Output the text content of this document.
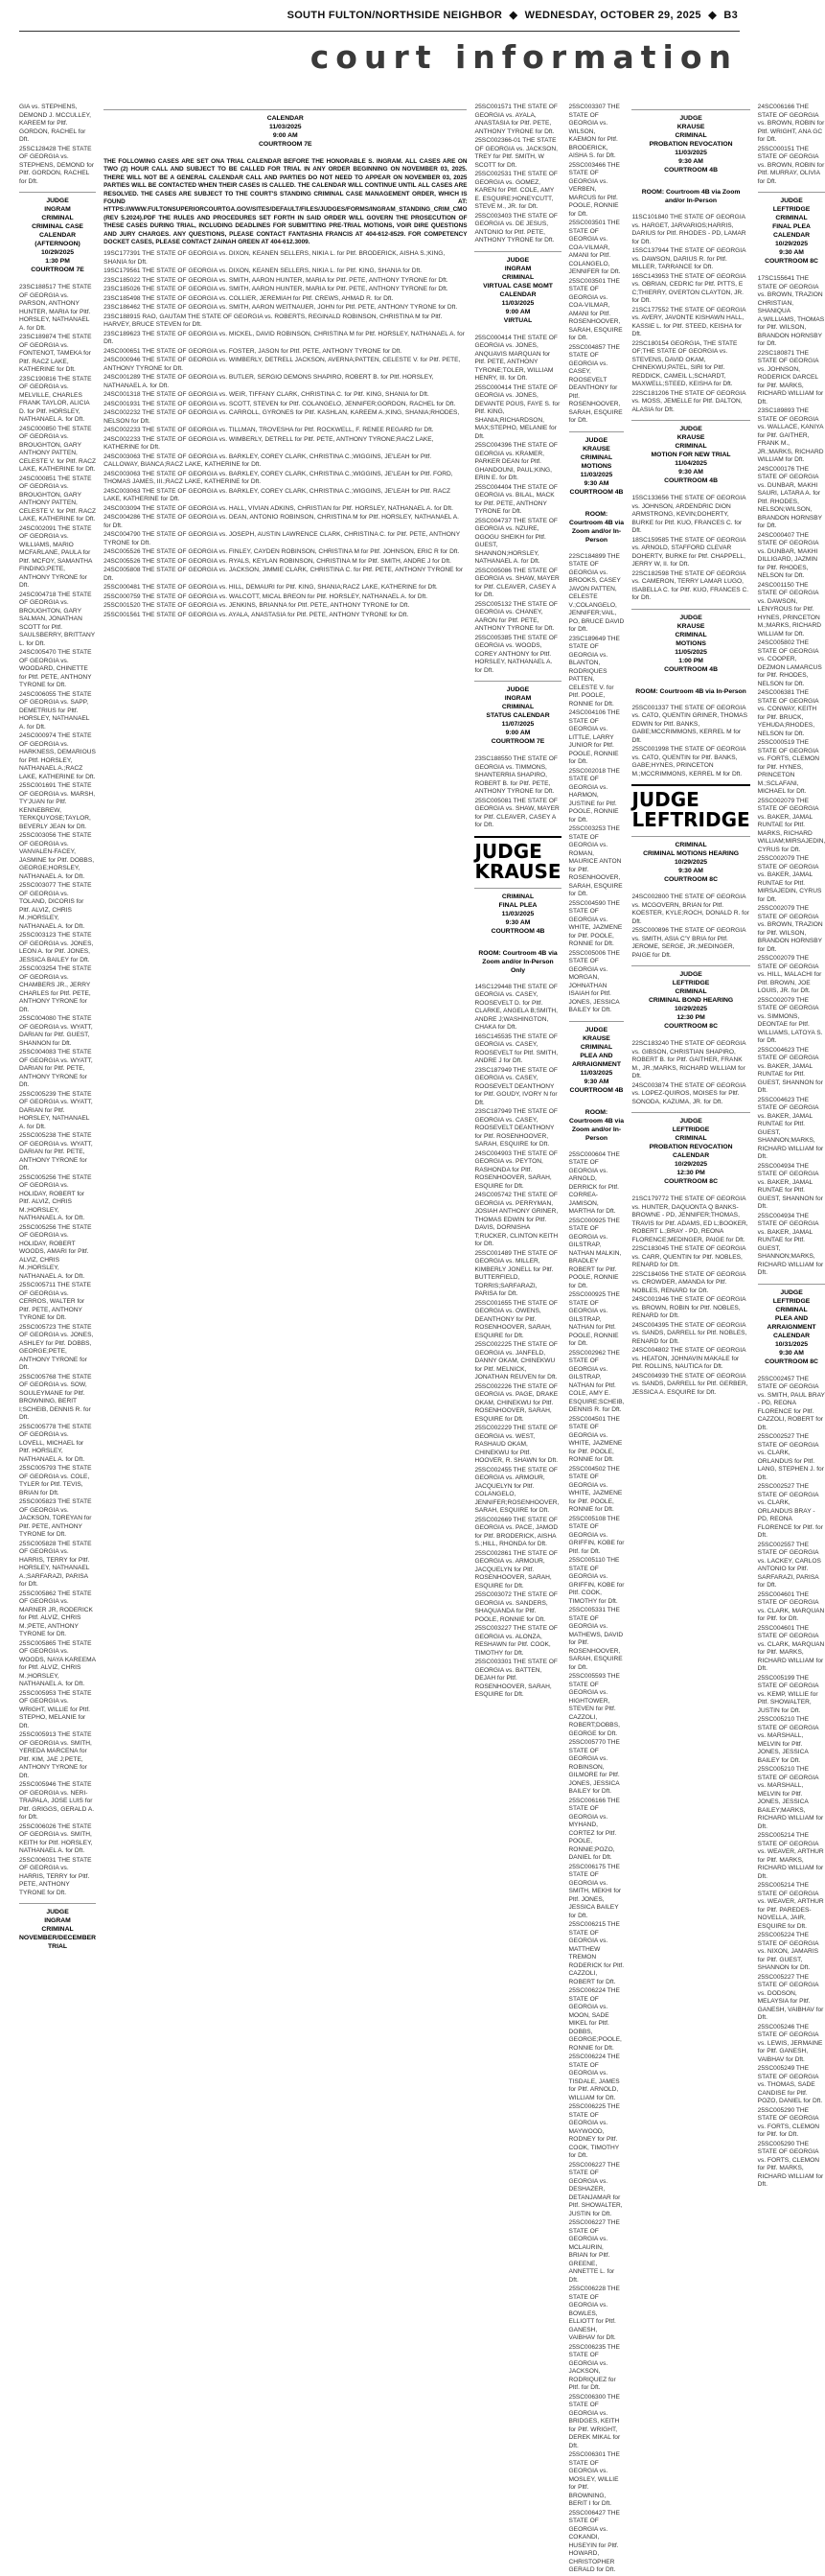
SOUTH FULTON/NORTHSIDE NEIGHBOR ◆ WEDNESDAY, OCTOBER 29, 2025 ◆ B3
court information

GIA vs. STEPHENS, DEMOND J. MCCULLEY, KAREEM for Pltf. GORDON, RACHEL for Dft.

25SC128428 THE STATE OF GEORGIA vs. STEPHENS, DEMOND for Pltf. GORDON, RACHEL for Dft.

JUDGE
INGRAM
CRIMINAL
CRIMINAL CASE CALENDAR (AFTERNOON)
10/29/2025
1:30 PM
COURTROOM 7E

23SC188517 THE STATE OF GEORGIA vs. PARSON, ANTHONY HUNTER, MARIA for Pltf. HORSLEY, NATHANAEL A. for Dft.

23SC189874 THE STATE OF GEORGIA vs. FONTENOT, TAMEKA for Pltf. RACZ LAKE, KATHERINE for Dft.

23SC190816 THE STATE OF GEORGIA vs. MELVILLE, CHARLES FRANK TAYLOR, ALICIA D. for Pltf. HORSLEY, NATHANAEL A. for Dft.

24SC000850 THE STATE OF GEORGIA vs. BROUGHTON, GARY ANTHONY PATTEN, CELESTE V. for Pltf. RACZ LAKE, KATHERINE for Dft.

24SC000851 THE STATE OF GEORGIA vs. BROUGHTON, GARY ANTHONY PATTEN, CELESTE V. for Pltf. RACZ LAKE, KATHERINE for Dft.

24SC002091 THE STATE OF GEORGIA vs. WILLIAMS, MARIO MCFARLANE, PAULA for Pltf. MCFOY, SAMANTHA FINDING;PETE, ANTHONY TYRONE for Dft.

24SC004718 THE STATE OF GEORGIA vs. BROUGHTON, GARY SALMAN, JONATHAN SCOTT for Pltf. SAULSBERRY, BRITTANY L. for Dft.

24SC005470 THE STATE OF GEORGIA vs. WOODARD, CHINETTE for Pltf. PETE, ANTHONY TYRONE for Dft.

24SC006055 THE STATE OF GEORGIA vs. SAPP, DEMETRIUS for Pltf. HORSLEY, NATHANAEL A. for Dft.

24SC000974 THE STATE OF GEORGIA vs. HARKNESS, DEMARIOUS for Pltf. HORSLEY, NATHANAEL A.;RACZ LAKE, KATHERINE for Dft.

25SC001691 THE STATE OF GEORGIA vs. MARSH, TY'JUAN for Pltf. KENNEBREW, TERKQUYOSE;TAYLOR, BEVERLY JEAN for Dft.

25SC003056 THE STATE OF GEORGIA vs. VANVALEN-FACEY, JASMINE for Pltf. DOBBS, GEORGE;HORSLEY, NATHANAEL A. for Dft.

25SC003077 THE STATE OF GEORGIA vs. TOLAND, DICORIS for Pltf. ALVIZ, CHRIS M.;HORSLEY, NATHANAEL A. for Dft.

25SC003123 THE STATE OF GEORGIA vs. JONES, LEON A. for Pltf. JONES, JESSICA BAILEY for Dft.

25SC003254 THE STATE OF GEORGIA vs. CHAMBERS JR., JERRY CHARLES for Pltf. PETE, ANTHONY TYRONE for Dft.

25SC004080 THE STATE OF GEORGIA vs. WYATT, DARIAN for Pltf. GUEST, SHANNON for Dft.

25SC004083 THE STATE OF GEORGIA vs. WYATT, DARIAN for Pltf. PETE, ANTHONY TYRONE for Dft.

25SC005239 THE STATE OF GEORGIA vs. WYATT, DARIAN for Pltf. HORSLEY, NATHANAEL A. for Dft.

25SC005238 THE STATE OF GEORGIA vs. WYATT, DARIAN for Pltf. PETE, ANTHONY TYRONE for Dft.

25SC005256 THE STATE OF GEORGIA vs. HOLIDAY, ROBERT for Pltf. ALVIZ, CHRIS M.;HORSLEY, NATHANAEL A. for Dft.

25SC005256 THE STATE OF GEORGIA vs. HOLIDAY, ROBERT WOODS, AMARI for Pltf. ALVIZ, CHRIS M.;HORSLEY, NATHANAEL A. for Dft.

25SC005711 THE STATE OF GEORGIA vs. CERROS, WALTER for Pltf. PETE, ANTHONY TYRONE for Dft.

25SC005723 THE STATE OF GEORGIA vs. JONES, ASHLEY for Pltf. DOBBS, GEORGE;PETE, ANTHONY TYRONE for Dft.

25SC005768 THE STATE OF GEORGIA vs. SOW, SOULEYMANE for Pltf. BROWNING, BERIT I;SCHEIB, DENNIS R. for Dft.

25SC005778 THE STATE OF GEORGIA vs. LOVELL, MICHAEL for Pltf. HORSLEY, NATHANAEL A. for Dft.

25SC005793 THE STATE OF GEORGIA vs. COLE, TYLER for Pltf. TEVIS, BRIAN for Dft.

25SC005823 THE STATE OF GEORGIA vs. JACKSON, TOREYAN for Pltf. PETE, ANTHONY TYRONE for Dft.

25SC005828 THE STATE OF GEORGIA vs. HARRIS, TERRY for Pltf. HORSLEY, NATHANAEL A.;SARFARAZI, PARISA for Dft.

25SC005862 THE STATE OF GEORGIA vs. MARNER JR, RODERICK for Pltf. ALVIZ, CHRIS M.;PETE, ANTHONY TYRONE for Dft.

25SC005865 THE STATE OF GEORGIA vs. WOODS, NAYA KAREEMA for Pltf. ALVIZ, CHRIS M.;HORSLEY, NATHANAEL A. for Dft.

25SC005953 THE STATE OF GEORGIA vs. WRIGHT, WILLIE for Pltf. STEPHO, MELANIE for Dft.

25SC005913 THE STATE OF GEORGIA vs. SMITH, YEREDA MARCENA for Pltf. KIM, JAE J;PETE, ANTHONY TYRONE for Dft.

25SC005946 THE STATE OF GEORGIA vs. NERI-TRAPALA, JOSE LUIS for Pltf. GRIGGS, GERALD A. for Dft.

25SC006026 THE STATE OF GEORGIA vs. SMITH, KEITH for Pltf. HORSLEY, NATHANAEL A. for Dft.

25SC006031 THE STATE OF GEORGIA vs. HARRIS, TERRY for Pltf. PETE, ANTHONY TYRONE for Dft.

JUDGE
INGRAM
CRIMINAL
NOVEMBER/DECEMBER TRIAL
CALENDAR
11/03/2025
9:00 AM
COURTROOM 7E
THE FOLLOWING CASES ARE SET ONA TRIAL CALENDAR BEFORE THE HONORABLE S. INGRAM. ALL CASES ARE ON TWO (2) HOUR CALL AND SUBJECT TO BE CALLED FOR TRIAL IN ANY ORDER BEGINNING ON NOVEMBER 03, 2025. THERE WILL NOT BE A GENERAL CALENDAR CALL AND PARTIES DO NOT NEED TO APPEAR ON NOVEMBER 03, 2025 PARTIES WILL BE CONTACTED WHEN THEIR CASES IS CALLED. THE CALENDAR WILL CONTINUE UNTIL ALL CASES ARE RESOLVED. THE CASES ARE SUBJECT TO THE COURT'S STANDING CRIMINAL CASE MANAGEMENT ORDER, WHICH IS FOUND AT: HTTPS://WWW.FULTONSUPERIORCOURTGA.GOV/SITES/DEFAULT/FILES/JUDGES/FORMS/INGRAM_STANDING_CRIM_CMO (REV 5.2024).PDF THE RULES AND PROCEDURES SET FORTH IN SAID ORDER WILL GOVERN THE PROSECUTION OF THESE CASES DURING TRIAL, INCLUDING DEADLINES FOR SUBMITTING PRE-TRIAL MOTIONS, VOIR DIRE QUESTIONS AND JURY CHARGES. ANY QUESTIONS, PLEASE CONTACT FANTASHIA FRANCIS AT 404-612-8529. FOR COMPETENCY DOCKET CASES, PLEASE CONTACT ZAINAH GREEN AT 404-612.3009.

19SC177391 THE STATE OF GEORGIA vs. DIXON, KEANEN SELLERS, NIKIA L. for Pltf. BRODERICK, AISHA S.;KING, SHANIA for Dft.

19SC179561 THE STATE OF GEORGIA vs. DIXON, KEANEN SELLERS, NIKIA L. for Pltf. KING, SHANIA for Dft.

23SC185022 THE STATE OF GEORGIA vs. SMITH, AARON HUNTER, MARIA for Pltf. PETE, ANTHONY TYRONE for Dft.

23SC185026 THE STATE OF GEORGIA vs. SMITH, AARON HUNTER, MARIA for Pltf. PETE, ANTHONY TYRONE for Dft.

23SC185498 THE STATE OF GEORGIA vs. COLLIER, JEREMIAH for Pltf. CREWS, AHMAD R. for Dft.

23SC186462 THE STATE OF GEORGIA vs. SMITH, AARON WEITNAUER, JOHN for Pltf. PETE, ANTHONY TYRONE for Dft.

23SC188915 RAO, GAUTAM THE STATE OF GEORGIA vs. ROBERTS, REGINALD ROBINSON, CHRISTINA M for Pltf. HARVEY, BRUCE STEVEN for Dft.

23SC189623 THE STATE OF GEORGIA vs. MICKEL, DAVID ROBINSON, CHRISTINA M for Pltf. HORSLEY, NATHANAEL A. for Dft.

24SC000651 THE STATE OF GEORGIA vs. FOSTER, JASON for Pltf. PETE, ANTHONY TYRONE for Dft.

24SC000946 THE STATE OF GEORGIA vs. WIMBERLY, DETRELL JACKSON, AVERNA;PATTEN, CELESTE V. for Pltf. PETE, ANTHONY TYRONE for Dft.

24SC001289 THE STATE OF GEORGIA vs. BUTLER, SERGIO DEMONS SHAPIRO, ROBERT B. for Pltf. HORSLEY, NATHANAEL A. for Dft.

24SC001318 THE STATE OF GEORGIA vs. WEIR, TIFFANY CLARK, CHRISTINA C. for Pltf. KING, SHANIA for Dft.

24SC001931 THE STATE OF GEORGIA vs. SCOTT, STEVEN for Pltf. COLANGELO, JENNIFER;GORDON, RACHEL for Dft.

24SC002232 THE STATE OF GEORGIA vs. CARROLL, GYRONES for Pltf. KASHLAN, KAREEM A.;KING, SHANIA;RHODES, NELSON for Dft.

24SC002233 THE STATE OF GEORGIA vs. TILLMAN, TROVESHA for Pltf. ROCKWELL, F. RENEE REGARD for Dft.

24SC002233 THE STATE OF GEORGIA vs. WIMBERLY, DETRELL for Pltf. PETE, ANTHONY TYRONE;RACZ LAKE, KATHERINE for Dft.

24SC003063 THE STATE OF GEORGIA vs. BARKLEY, COREY CLARK, CHRISTINA C.;WIGGINS, JE'LEAH for Pltf. CALLOWAY, BIANCA;RACZ LAKE, KATHERINE for Dft.

24SC003063 THE STATE OF GEORGIA vs. BARKLEY, COREY CLARK, CHRISTINA C.;WIGGINS, JE'LEAH for Pltf. FORD, THOMAS JAMES, III.;RACZ LAKE, KATHERINE for Dft.

24SC003063 THE STATE OF GEORGIA vs. BARKLEY, COREY CLARK, CHRISTINA C.;WIGGINS, JE'LEAH for Pltf. RACZ LAKE, KATHERINE for Dft.

24SC003094 THE STATE OF GEORGIA vs. HALL, VIVIAN ADKINS, CHRISTIAN for Pltf. HORSLEY, NATHANAEL A. for Dft.

24SC004286 THE STATE OF GEORGIA vs. DEAN, ANTONIO ROBINSON, CHRISTINA M for Pltf. HORSLEY, NATHANAEL A. for Dft.

24SC004790 THE STATE OF GEORGIA vs. JOSEPH, AUSTIN LAWRENCE CLARK, CHRISTINA C. for Pltf. PETE, ANTHONY TYRONE for Dft.

24SC005526 THE STATE OF GEORGIA vs. FINLEY, CAYDEN ROBINSON, CHRISTINA M for Pltf. JOHNSON, ERIC R for Dft.

24SC005526 THE STATE OF GEORGIA vs. RYALS, KEYLAN ROBINSON, CHRISTINA M for Pltf. SMITH, ANDRE J for Dft.

24SC005808 THE STATE OF GEORGIA vs. JACKSON, JIMMIE CLARK, CHRISTINA C. for Pltf. PETE, ANTHONY TYRONE for Dft.

25SC000481 THE STATE OF GEORGIA vs. HILL, DEMAURI for Pltf. KING, SHANIA;RACZ LAKE, KATHERINE for Dft.

25SC000759 THE STATE OF GEORGIA vs. WALCOTT, MICAL BREON for Pltf. HORSLEY, NATHANAEL A. for Dft.

25SC001520 THE STATE OF GEORGIA vs. JENKINS, BRIANNA for Pltf. PETE, ANTHONY TYRONE for Dft.

25SC001561 THE STATE OF GEORGIA vs. AYALA, ANASTASIA for Pltf. PETE, ANTHONY TYRONE for Dft.

25SC001571 THE STATE OF GEORGIA vs. AYALA, ANASTASIA for Pltf. PETE, ANTHONY TYRONE for Dft.

25SC002366-01 THE STATE OF GEORGIA vs. JACKSON, TREY for Pltf. SMITH, W SCOTT for Dft.

25SC002531 THE STATE OF GEORGIA vs. GOMEZ, KAREN for Pltf. COLE, AMY E. ESQUIRE;HONEYCUTT, STEVE M., JR. for Dft.

25SC003403 THE STATE OF GEORGIA vs. DE JESUS, ANTONIO for Pltf. PETE, ANTHONY TYRONE for Dft.

JUDGE
INGRAM
CRIMINAL
VIRTUAL CASE MGMT CALENDAR
11/03/2025
9:00 AM
VIRTUAL

25SC000414 THE STATE OF GEORGIA vs. JONES, ANQUAVIS MARQUAN for Pltf. PETE, ANTHONY TYRONE;TOLER, WILLIAM HENRY, III. for Dft.

25SC000414 THE STATE OF GEORGIA vs. JONES, DEVANTE POUS, FAYE S. for Pltf. KING, SHANIA;RICHARDSON, MAX;STEPHO, MELANIE for Dft.

25SC004396 THE STATE OF GEORGIA vs. KRAMER, PARKER DEAN for Pltf. GHANDOUNI, PAUL;KING, ERIN E. for Dft.

25SC004404 THE STATE OF GEORGIA vs. BILAL, MACK for Pltf. PETE, ANTHONY TYRONE for Dft.

25SC004737 THE STATE OF GEORGIA vs. NZURE, OGOGU SHEIKH for Pltf. GUEST, SHANNON;HORSLEY, NATHANAEL A. for Dft.

25SC005086 THE STATE OF GEORGIA vs. SHAW, MAYER for Pltf. CLEAVER, CASEY A for Dft.

25SC005132 THE STATE OF GEORGIA vs. CHANEY, AARON for Pltf. PETE, ANTHONY TYRONE for Dft.

25SC005385 THE STATE OF GEORGIA vs. WOODS, COREY ANTHONY for Pltf. HORSLEY, NATHANAEL A. for Dft.

JUDGE
INGRAM
CRIMINAL
STATUS CALENDAR
11/07/2025
9:00 AM
COURTROOM 7E

23SC188550 THE STATE OF GEORGIA vs. TIMMONS, SHANTERRIA SHAPIRO, ROBERT B. for Pltf. PETE, ANTHONY TYRONE for Dft.

25SC005081 THE STATE OF GEORGIA vs. SHAW, MAYER for Pltf. CLEAVER, CASEY A for Dft.

JUDGE KRAUSE
CRIMINAL
FINAL PLEA
11/03/2025
9:30 AM
COURTROOM 4B
ROOM: Courtroom 4B via Zoom and/or In-Person Only

14SC129448 THE STATE OF GEORGIA vs. CASEY, ROOSEVELT D. for Pltf. CLARKE, ANGELA B;SMITH, ANDRE J;WASHINGTON, CHAKA for Dft.

16SC145535 THE STATE OF GEORGIA vs. CASEY, ROOSEVELT for Pltf. SMITH, ANDRE J for Dft.

23SC187949 THE STATE OF GEORGIA vs. CASEY, ROOSEVELT DEANTHONY for Pltf. GOUDY, IVORY N for Dft.

23SC187949 THE STATE OF GEORGIA vs. CASEY, ROOSEVELT DEANTHONY for Pltf. ROSENHOOVER, SARAH, ESQUIRE for Dft.

24SC004903 THE STATE OF GEORGIA vs. PEYTON, RASHONDA for Pltf. ROSENHOOVER, SARAH, ESQUIRE for Dft.

24SC005742 THE STATE OF GEORGIA vs. PERRYMAN, JOSIAH ANTHONY GRINER, THOMAS EDWIN for Pltf. DAVIS, DORNISHA T;RUCKER, CLINTON KEITH for Dft.

25SC001489 THE STATE OF GEORGIA vs. MILLER, KIMBERLY JONELL for Pltf. BUTTERFIELD, TORRIS;SARFARAZI, PARISA for Dft.

25SC001655 THE STATE OF GEORGIA vs. OWENS, DEANTHONY for Pltf. ROSENHOOVER, SARAH, ESQUIRE for Dft.

25SC002225 THE STATE OF GEORGIA vs. JANFELD, DANNY OKAM, CHINEKWU for Pltf. MELNICK, JONATHAN REUVEN for Dft.

25SC002226 THE STATE OF GEORGIA vs. PAGE, DRAKE OKAM, CHINEKWU for Pltf. ROSENHOOVER, SARAH, ESQUIRE for Dft.

25SC002229 THE STATE OF GEORGIA vs. WEST, RASHAUD OKAM, CHINEKWU for Pltf. HOOVER, R. SHAWN for Dft.

25SC002455 THE STATE OF GEORGIA vs. ARMOUR, JACQUELYN for Pltf. COLANGELO, JENNIFER;ROSENHOOVER, SARAH, ESQUIRE for Dft.

25SC002669 THE STATE OF GEORGIA vs. PACE, JAMOD for Pltf. BRODERICK, AISHA S.;HILL, RHONDA for Dft.

25SC002861 THE STATE OF GEORGIA vs. ARMOUR, JACQUELYN for Pltf. ROSENHOOVER, SARAH, ESQUIRE for Dft.

25SC003072 THE STATE OF GEORGIA vs. SANDERS, SHAQUANDA for Pltf. POOLE, RONNIE for Dft.

25SC003227 THE STATE OF GEORGIA vs. ALONZA, RESHAWN for Pltf. COOK, TIMOTHY for Dft.

25SC003301 THE STATE OF GEORGIA vs. BATTEN, DEJAH for Pltf. ROSENHOOVER, SARAH, ESQUIRE for Dft.

25SC003307 THE STATE OF GEORGIA vs. WILSON, KAEMON for Pltf. BRODERICK, AISHA S. for Dft.

25SC003466 THE STATE OF GEORGIA vs. VERBEN, MARCUS for Pltf. POOLE, RONNIE for Dft.

25SC003501 THE STATE OF GEORGIA vs. COA-VILMAR, AMANI for Pltf. COLANGELO, JENNIFER for Dft.

25SC003501 THE STATE OF GEORGIA vs. COA-VILMAR, AMANI for Pltf. ROSENHOOVER, SARAH, ESQUIRE for Dft.

25SC004857 THE STATE OF GEORGIA vs. CASEY, ROOSEVELT DEANTHONY for Pltf. ROSENHOOVER, SARAH, ESQUIRE for Dft.

JUDGE
KRAUSE
CRIMINAL
MOTIONS
11/03/2025
9:30 AM
COURTROOM 4B
ROOM: Courtroom 4B via Zoom and/or In-Person

22SC184899 THE STATE OF GEORGIA vs. BROOKS, CASEY JAVON PATTEN, CELESTE V.;COLANGELO, JENNIFER;VAIL, PO, BRUCE DAVID for Dft.

23SC189649 THE STATE OF GEORGIA vs. BLANTON, RODRIQUES PATTEN, CELESTE V. for Pltf. POOLE, RONNIE for Dft.

24SC004106 THE STATE OF GEORGIA vs. LITTLE, LARRY JUNIOR for Pltf. POOLE, RONNIE for Dft.

25SC002018 THE STATE OF GEORGIA vs. HARMON, JUSTINE for Pltf. POOLE, RONNIE for Dft.

25SC003253 THE STATE OF GEORGIA vs. ROMAN, MAURICE ANTON for Pltf. ROSENHOOVER, SARAH, ESQUIRE for Dft.

25SC004590 THE STATE OF GEORGIA vs. WHITE, JAZMENE for Pltf. POOLE, RONNIE for Dft.

25SC005006 THE STATE OF GEORGIA vs. MORGAN, JOHNATHAN ISAIAH for Pltf. JONES, JESSICA BAILEY for Dft.

JUDGE
KRAUSE
CRIMINAL
PLEA AND ARRAIGNMENT
11/03/2025
9:30 AM
COURTROOM 4B
ROOM: Courtroom 4B via Zoom and/or In-Person

25SC000604 THE STATE OF GEORGIA vs. ARNOLD, DERRICK for Pltf. CORREA-JAMISON, MARTHA for Dft.

25SC000925 THE STATE OF GEORGIA vs. GILSTRAP, NATHAN MALKIN, BRADLEY ROBERT for Pltf. POOLE, RONNIE for Dft.

25SC000925 THE STATE OF GEORGIA vs. GILSTRAP, NATHAN for Pltf. POOLE, RONNIE for Dft.

25SC002962 THE STATE OF GEORGIA vs. GILSTRAP, NATHAN for Pltf. COLE, AMY E. ESQUIRE;SCHEIB, DENNIS R. for Dft.

25SC004501 THE STATE OF GEORGIA vs. WHITE, JAZMENE for Pltf. POOLE, RONNIE for Dft.

25SC004502 THE STATE OF GEORGIA vs. WHITE, JAZMENE for Pltf. POOLE, RONNIE for Dft.

25SC005108 THE STATE OF GEORGIA vs. GRIFFIN, KOBE for Pltf. for Dft.

25SC005110 THE STATE OF GEORGIA vs. GRIFFIN, KOBE for Pltf. COOK, TIMOTHY for Dft.

25SC005331 THE STATE OF GEORGIA vs. MATHEWS, DAVID for Pltf. ROSENHOOVER, SARAH, ESQUIRE for Dft.

25SC005593 THE STATE OF GEORGIA vs. HIGHTOWER, STEVEN for Pltf. CAZZOLI, ROBERT;DOBBS, GEORGE for Dft.

25SC005770 THE STATE OF GEORGIA vs. ROBINSON, GILMORE for Pltf. JONES, JESSICA BAILEY for Dft.

25SC006166 THE STATE OF GEORGIA vs. MYHAND, CORTEZ for Pltf. POOLE, RONNIE;POZO, DANIEL for Dft.

25SC006175 THE STATE OF GEORGIA vs. SMITH, MEKHI for Pltf. JONES, JESSICA BAILEY for Dft.

25SC006215 THE STATE OF GEORGIA vs. MATTHEW TREMON RODERICK for Pltf. CAZZOLI, ROBERT for Dft.

25SC006224 THE STATE OF GEORGIA vs. MOON, SADE MIKEL for Pltf. DOBBS, GEORGE;POOLE, RONNIE for Dft.

25SC006224 THE STATE OF GEORGIA vs. TISDALE, JAMES for Pltf. ARNOLD, WILLIAM for Dft.

25SC006225 THE STATE OF GEORGIA vs. MAYWOOD, RODNEY for Pltf. COOK, TIMOTHY for Dft.

25SC006227 THE STATE OF GEORGIA vs. DESHAZER, DETANJAMAR for Pltf. SHOWALTER, JUSTIN for Dft.

25SC006227 THE STATE OF GEORGIA vs. MCLAURIN, BRIAN for Pltf. GREENE, ANNETTE L. for Dft.

25SC006228 THE STATE OF GEORGIA vs. BOWLES, ELLIOTT for Pltf. GANESH, VAIBHAV for Dft.

25SC006235 THE STATE OF GEORGIA vs. JACKSON, RODRIQUEZ for Pltf. for Dft.

25SC006300 THE STATE OF GEORGIA vs. BRIDGES, KEITH for Pltf. WRIGHT, DEREK MIKAL for Dft.

25SC006301 THE STATE OF GEORGIA vs. MOSLEY, WILLIE for Pltf. BROWNING, BERIT I for Dft.

25SC006427 THE STATE OF GEORGIA vs. COKANDI, HUSEYIN for Pltf. HOWARD, CHRISTOPHER GERALD for Dft.

JUDGE
KRAUSE
CRIMINAL
PROBATION REVOCATION
11/03/2025
9:30 AM
COURTROOM 4B
ROOM: Courtroom 4B via Zoom and/or In-Person

11SC101840 THE STATE OF GEORGIA vs. HARGET, JARVARIOS;HARRIS, DARIUS for Pltf. RHODES - PD, LAMAR for Dft.

15SC137944 THE STATE OF GEORGIA vs. DAWSON, DARIUS R. for Pltf. MILLER, TARRANCE for Dft.

16SC143953 THE STATE OF GEORGIA vs. OBRIAN, CEDRIC for Pltf. PITTS, E C;THIERRY, OVERTON CLAYTON, JR. for Dft.

21SC177552 THE STATE OF GEORGIA vs. AVERY, JAVONTE KISHAWN HALL, KASSIE L. for Pltf. STEED, KEISHA for Dft.

22SC180154 GEORGIA, THE STATE OF;THE STATE OF GEORGIA vs. STEVENS, DAVID OKAM, CHINEKWU;PATEL, SIRI for Pltf. REDDICK, CAMEIL L;SCHARDT, MAXWELL;STEED, KEISHA for Dft.

22SC181206 THE STATE OF GEORGIA vs. MOSS, JEMELLE for Pltf. DALTON, ALASIA for Dft.

JUDGE
KRAUSE
CRIMINAL
MOTION FOR NEW TRIAL
11/04/2025
9:30 AM
COURTROOM 4B

15SC133656 THE STATE OF GEORGIA vs. JOHNSON, ARDENDRIC DION ARMSTRONG, KEVIN;DOHERTY, BURKE for Pltf. KUO, FRANCES C. for Dft.

18SC159585 THE STATE OF GEORGIA vs. ARNOLD, STAFFORD CLEVAR DOHERTY, BURKE for Pltf. CHAPPELL, JERRY W, II. for Dft.

22SC182598 THE STATE OF GEORGIA vs. CAMERON, TERRY LAMAR LUGO, ISABELLA C. for Pltf. KUO, FRANCES C. for Dft.

JUDGE
KRAUSE
CRIMINAL
MOTIONS
11/05/2025
1:00 PM
COURTROOM 4B
ROOM: Courtroom 4B via In-Person

25SC001337 THE STATE OF GEORGIA vs. CATO, QUENTIN GRINER, THOMAS EDWIN for Pltf. BANKS, GABE;MCCRIMMONS, KERREL M for Dft.

25SC001998 THE STATE OF GEORGIA vs. CATO, QUENTIN for Pltf. BANKS, GABE;HYNES, PRINCETON M.;MCCRIMMONS, KERREL M for Dft.

JUDGE LEFTRIDGE
CRIMINAL
CRIMINAL MOTIONS HEARING
10/29/2025
9:30 AM
COURTROOM 8C

24SC002800 THE STATE OF GEORGIA vs. MCGOVERN, BRIAN for Pltf. KOESTER, KYLE;ROCH, DONALD R. for Dft.

25SC000896 THE STATE OF GEORGIA vs. SMITH, ASIA C'Y BRIA for Pltf. JEROME, SERGE, JR.;MEDINGER, PAIGE for Dft.

JUDGE
LEFTRIDGE
CRIMINAL
CRIMINAL BOND HEARING
10/29/2025
12:30 PM
COURTROOM 8C

22SC183240 THE STATE OF GEORGIA vs. GIBSON, CHRISTIAN SHAPIRO, ROBERT B. for Pltf. GAITHER, FRANK M., JR.;MARKS, RICHARD WILLIAM for Dft.

24SC003874 THE STATE OF GEORGIA vs. LOPEZ-QUIROS, MOISES for Pltf. SONODA, KAZUMA, JR. for Dft.

JUDGE
LEFTRIDGE
CRIMINAL
PROBATION REVOCATION CALENDAR
10/29/2025
12:30 PM
COURTROOM 8C

21SC179772 THE STATE OF GEORGIA vs. HUNTER, DAQUONTA Q BANKS-BROWNE - PD, JENNIFER;THOMAS, TRAVIS for Pltf. ADAMS, ED L;BOOKER, ROBERT L.;BRAY - PD, REONA FLORENCE;MEDINGER, PAIGE for Dft.

22SC183045 THE STATE OF GEORGIA vs. CARR, QUENTIN for Pltf. NOBLES, RENARD for Dft.

22SC184056 THE STATE OF GEORGIA vs. CROWDER, AMANDA for Pltf. NOBLES, RENARD for Dft.

24SC001946 THE STATE OF GEORGIA vs. BROWN, ROBIN for Pltf. NOBLES, RENARD for Dft.

24SC004395 THE STATE OF GEORGIA vs. SANDS, DARRELL for Pltf. NOBLES, RENARD for Dft.

24SC004802 THE STATE OF GEORGIA vs. HEATON, JOHNAVIN MAKALE for Pltf. ROLLINS, NAUTICA for Dft.

24SC004939 THE STATE OF GEORGIA vs. SANDS, DARRELL for Pltf. GERBER, JESSICA A. ESQUIRE for Dft.

24SC006166 THE STATE OF GEORGIA vs. BROWN, ROBIN for Pltf. WRIGHT, ANA GC for Dft.

25SC000151 THE STATE OF GEORGIA vs. BROWN, ROBIN for Pltf. MURRAY, OLIVIA for Dft.

JUDGE
LEFTRIDGE
CRIMINAL
FINAL PLEA CALENDAR
10/29/2025
9:30 AM
COURTROOM 8C

17SC155641 THE STATE OF GEORGIA vs. BROWN, TRAZION CHRISTIAN, SHANIQUA A;WILLIAMS, THOMAS for Pltf. WILSON, BRANDON HORNSBY for Dft.

22SC180871 THE STATE OF GEORGIA vs. JOHNSON, RODERICK DARCEL for Pltf. MARKS, RICHARD WILLIAM for Dft.

23SC189893 THE STATE OF GEORGIA vs. WALLACE, KANIYA for Pltf. GAITHER, FRANK M., JR.;MARKS, RICHARD WILLIAM for Dft.

24SC000176 THE STATE OF GEORGIA vs. DUNBAR, MAKHI SAURI, LATARA A. for Pltf. RHODES, NELSON;WILSON, BRANDON HORNSBY for Dft.

24SC000407 THE STATE OF GEORGIA vs. DUNBAR, MAKHI DILLIGARD, JAZMIN for Pltf. RHODES, NELSON for Dft.

24SC001150 THE STATE OF GEORGIA vs. DAWSON, LENYROUS for Pltf. HYNES, PRINCETON M.;MARKS, RICHARD WILLIAM for Dft.

24SC005802 THE STATE OF GEORGIA vs. COOPER, DEZMON LAMARCUS for Pltf. RHODES, NELSON for Dft.

24SC006381 THE STATE OF GEORGIA vs. CONWAY, KEITH for Pltf. BRUCK, YEHUDA;RHODES, NELSON for Dft.

25SC000519 THE STATE OF GEORGIA vs. FORTS, CLEMON for Pltf. HYNES, PRINCETON M.;SCLAFANI, MICHAEL for Dft.

25SC002079 THE STATE OF GEORGIA vs. BAKER, JAMAL RUNTAE for Pltf. MARKS, RICHARD WILLIAM;MIRSAJEDIN, CYRUS for Dft.

25SC002079 THE STATE OF GEORGIA vs. BAKER, JAMAL RUNTAE for Pltf. MIRSAJEDIN, CYRUS for Dft.

25SC002079 THE STATE OF GEORGIA vs. BROWN, TRAZION for Pltf. WILSON, BRANDON HORNSBY for Dft.

25SC002079 THE STATE OF GEORGIA vs. HILL, MALACHI for Pltf. BROWN, JOE LOUIS, JR. for Dft.

25SC002079 THE STATE OF GEORGIA vs. SIMMONS, DEONTAE for Pltf. WILLIAMS, LATOYA S. for Dft.

25SC004623 THE STATE OF GEORGIA vs. BAKER, JAMAL RUNTAE for Pltf. GUEST, SHANNON for Dft.

25SC004623 THE STATE OF GEORGIA vs. BAKER, JAMAL RUNTAE for Pltf. GUEST, SHANNON;MARKS, RICHARD WILLIAM for Dft.

25SC004934 THE STATE OF GEORGIA vs. BAKER, JAMAL RUNTAE for Pltf. GUEST, SHANNON for Dft.

25SC004934 THE STATE OF GEORGIA vs. BAKER, JAMAL RUNTAE for Pltf. GUEST, SHANNON;MARKS, RICHARD WILLIAM for Dft.

JUDGE
LEFTRIDGE
CRIMINAL
PLEA AND ARRAIGNMENT CALENDAR
10/31/2025
9:30 AM
COURTROOM 8C

25SC002457 THE STATE OF GEORGIA vs. SMITH, PAUL BRAY - PD, REONA FLORENCE for Pltf. CAZZOLI, ROBERT for Dft.

25SC002527 THE STATE OF GEORGIA vs. CLARK, ORLANDUS for Pltf. LANG, STEPHEN J. for Dft.

25SC002527 THE STATE OF GEORGIA vs. CLARK, ORLANDUS BRAY - PD, REONA FLORENCE for Pltf. for Dft.

25SC002557 THE STATE OF GEORGIA vs. LACKEY, CARLOS ANTONIO for Pltf. SARFARAZI, PARISA for Dft.

25SC004601 THE STATE OF GEORGIA vs. CLARK, MARQUAN for Pltf. for Dft.

25SC004601 THE STATE OF GEORGIA vs. CLARK, MARQUAN for Pltf. MARKS, RICHARD WILLIAM for Dft.

25SC005199 THE STATE OF GEORGIA vs. KEMP, WILLIE for Pltf. SHOWALTER, JUSTIN for Dft.

25SC005210 THE STATE OF GEORGIA vs. MARSHALL, MELVIN for Pltf. JONES, JESSICA BAILEY for Dft.

25SC005210 THE STATE OF GEORGIA vs. MARSHALL, MELVIN for Pltf. JONES, JESSICA BAILEY;MARKS, RICHARD WILLIAM for Dft.

25SC005214 THE STATE OF GEORGIA vs. WEAVER, ARTHUR for Pltf. MARKS, RICHARD WILLIAM for Dft.

25SC005214 THE STATE OF GEORGIA vs. WEAVER, ARTHUR for Pltf. PAREDES-NOVELLA, JAIR, ESQUIRE for Dft.

25SC005224 THE STATE OF GEORGIA vs. NIXON, JAMARIS for Pltf. GUEST, SHANNON for Dft.

25SC005227 THE STATE OF GEORGIA vs. DODSON, MELAYSIA for Pltf. GANESH, VAIBHAV for Dft.

25SC005246 THE STATE OF GEORGIA vs. LEWIS, JERMAINE for Pltf. GANESH, VAIBHAV for Dft.

25SC005249 THE STATE OF GEORGIA vs. THOMAS, SADE CANDISE for Pltf. POZO, DANIEL for Dft.

25SC005290 THE STATE OF GEORGIA vs. FORTS, CLEMON for Pltf. for Dft.

25SC005290 THE STATE OF GEORGIA vs. FORTS, CLEMON for Pltf. MARKS, RICHARD WILLIAM for Dft.
